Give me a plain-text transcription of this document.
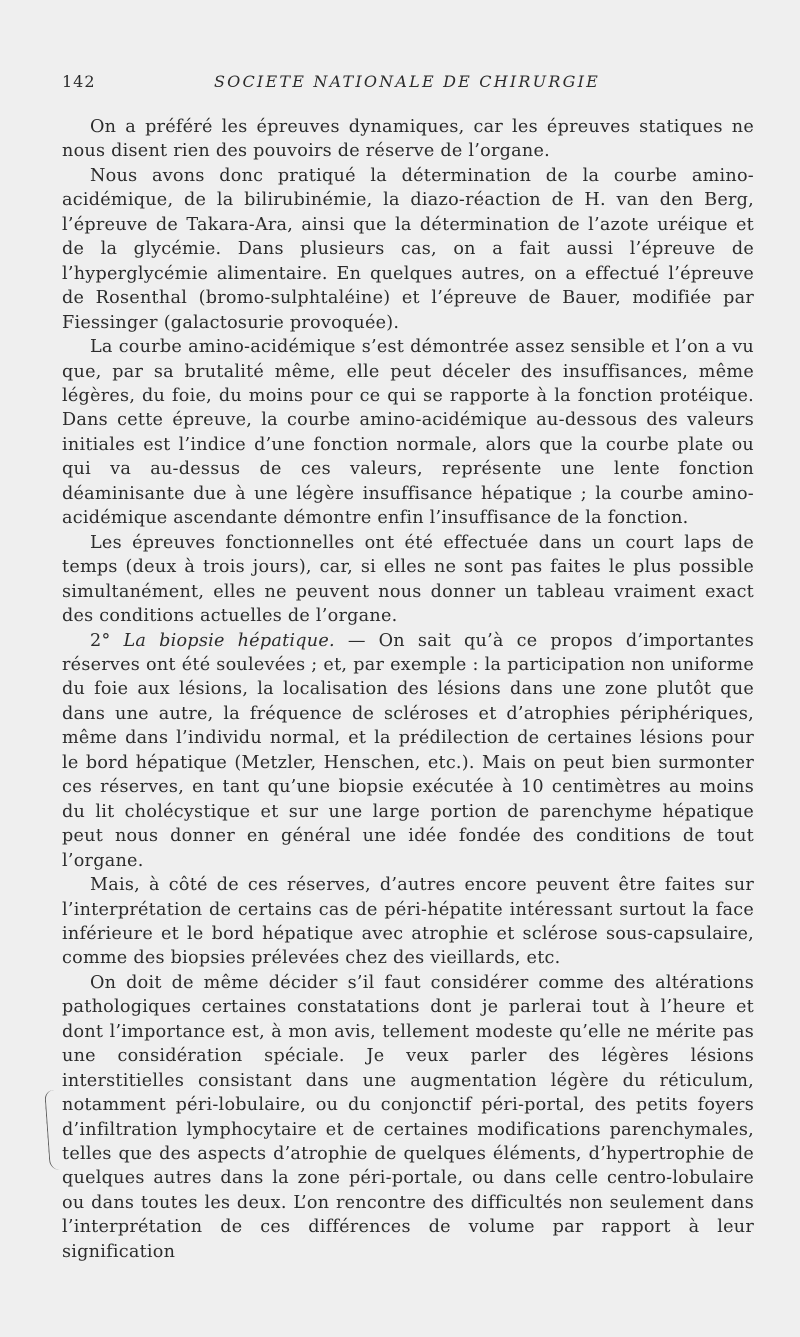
142	SOCIETE NATIONALE DE CHIRURGIE

On a préféré les épreuves dynamiques, car les épreuves statiques ne nous disent rien des pouvoirs de réserve de l’organe.

Nous avons donc pratiqué la détermination de la courbe amino-acidémique, de la bilirubinémie, la diazo-réaction de H. van den Berg, l’épreuve de Takara-Ara, ainsi que la détermination de l’azote uréique et de la glycémie. Dans plusieurs cas, on a fait aussi l’épreuve de l’hyperglycémie alimentaire. En quelques autres, on a effectué l’épreuve de Rosenthal (bromo-sulphtaléine) et l’épreuve de Bauer, modifiée par Fiessinger (galactosurie provoquée).

La courbe amino-acidémique s’est démontrée assez sensible et l’on a vu que, par sa brutalité même, elle peut déceler des insuffisances, même légères, du foie, du moins pour ce qui se rapporte à la fonction protéique. Dans cette épreuve, la courbe amino-acidémique au-dessous des valeurs initiales est l’indice d’une fonction normale, alors que la courbe plate ou qui va au-dessus de ces valeurs, représente une lente fonction déaminisante due à une légère insuffisance hépatique ; la courbe amino-acidémique ascendante démontre enfin l’insuffisance de la fonction.

Les épreuves fonctionnelles ont été effectuée dans un court laps de temps (deux à trois jours), car, si elles ne sont pas faites le plus possible simultanément, elles ne peuvent nous donner un tableau vraiment exact des conditions actuelles de l’organe.

2° La biopsie hépatique. — On sait qu’à ce propos d’importantes réserves ont été soulevées ; et, par exemple : la participation non uniforme du foie aux lésions, la localisation des lésions dans une zone plutôt que dans une autre, la fréquence de scléroses et d’atrophies périphériques, même dans l’individu normal, et la prédilection de certaines lésions pour le bord hépatique (Metzler, Henschen, etc.). Mais on peut bien surmonter ces réserves, en tant qu’une biopsie exécutée à 10 centimètres au moins du lit cholécystique et sur une large portion de parenchyme hépatique peut nous donner en général une idée fondée des conditions de tout l’organe.

Mais, à côté de ces réserves, d’autres encore peuvent être faites sur l’interprétation de certains cas de péri-hépatite intéressant surtout la face inférieure et le bord hépatique avec atrophie et sclérose sous-capsulaire, comme des biopsies prélevées chez des vieillards, etc.

On doit de même décider s’il faut considérer comme des altérations pathologiques certaines constatations dont je parlerai tout à l’heure et dont l’importance est, à mon avis, tellement modeste qu’elle ne mérite pas une considération spéciale. Je veux parler des légères lésions interstitielles consistant dans une augmentation légère du réticulum, notamment péri-lobulaire, ou du conjonctif péri-portal, des petits foyers d’infiltration lymphocytaire et de certaines modifications parenchymales, telles que des aspects d’atrophie de quelques éléments, d’hypertrophie de quelques autres dans la zone péri-portale, ou dans celle centro-lobulaire ou dans toutes les deux. L’on rencontre des difficultés non seulement dans l’interprétation de ces différences de volume par rapport à leur signification
